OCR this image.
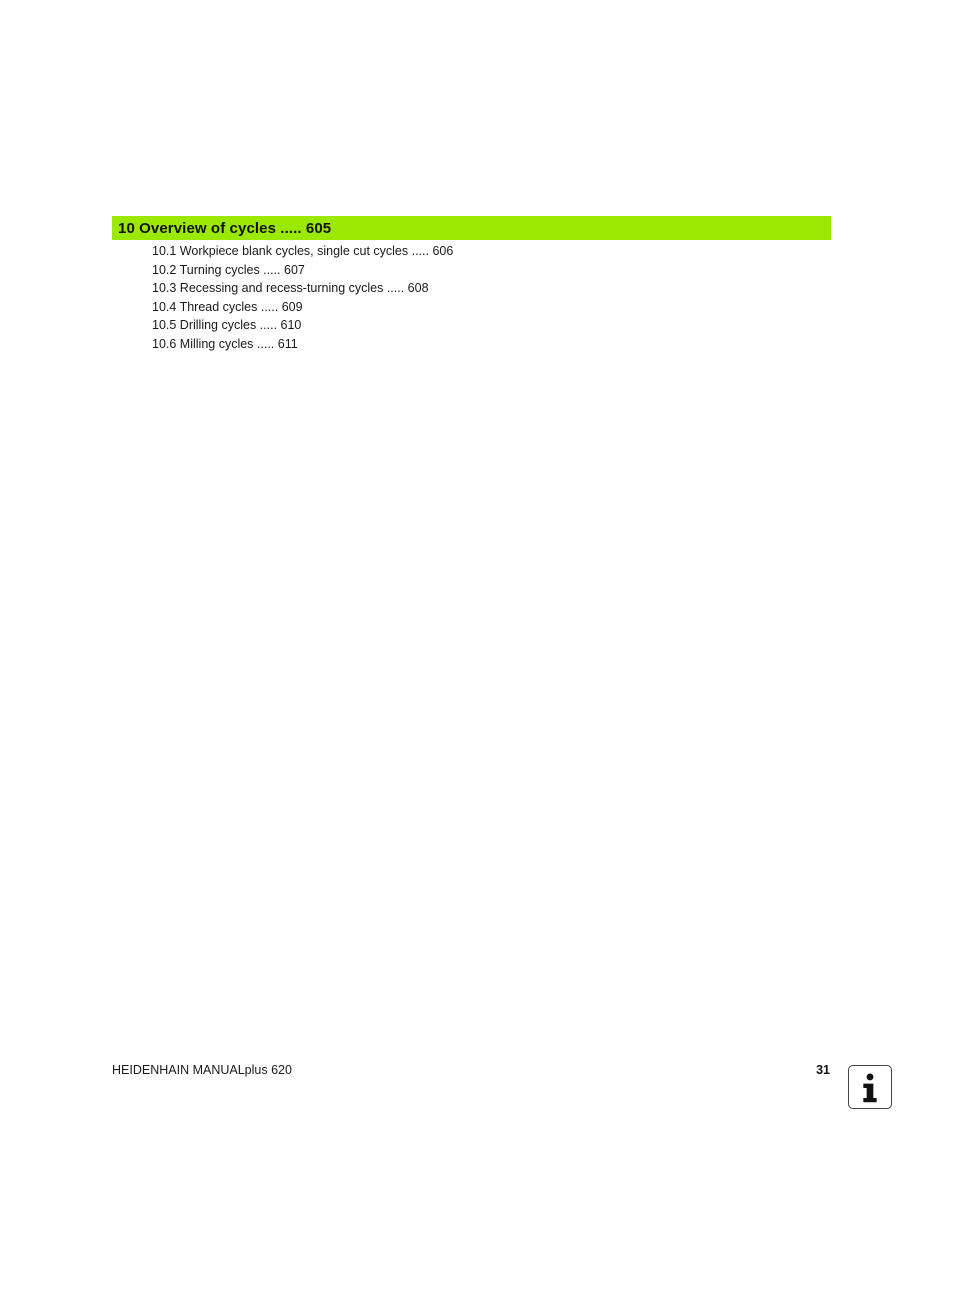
10 Overview of cycles ..... 605
10.1 Workpiece blank cycles, single cut cycles ..... 606
10.2 Turning cycles ..... 607
10.3 Recessing and recess-turning cycles ..... 608
10.4 Thread cycles ..... 609
10.5 Drilling cycles ..... 610
10.6 Milling cycles ..... 611
HEIDENHAIN MANUALplus 620	31
